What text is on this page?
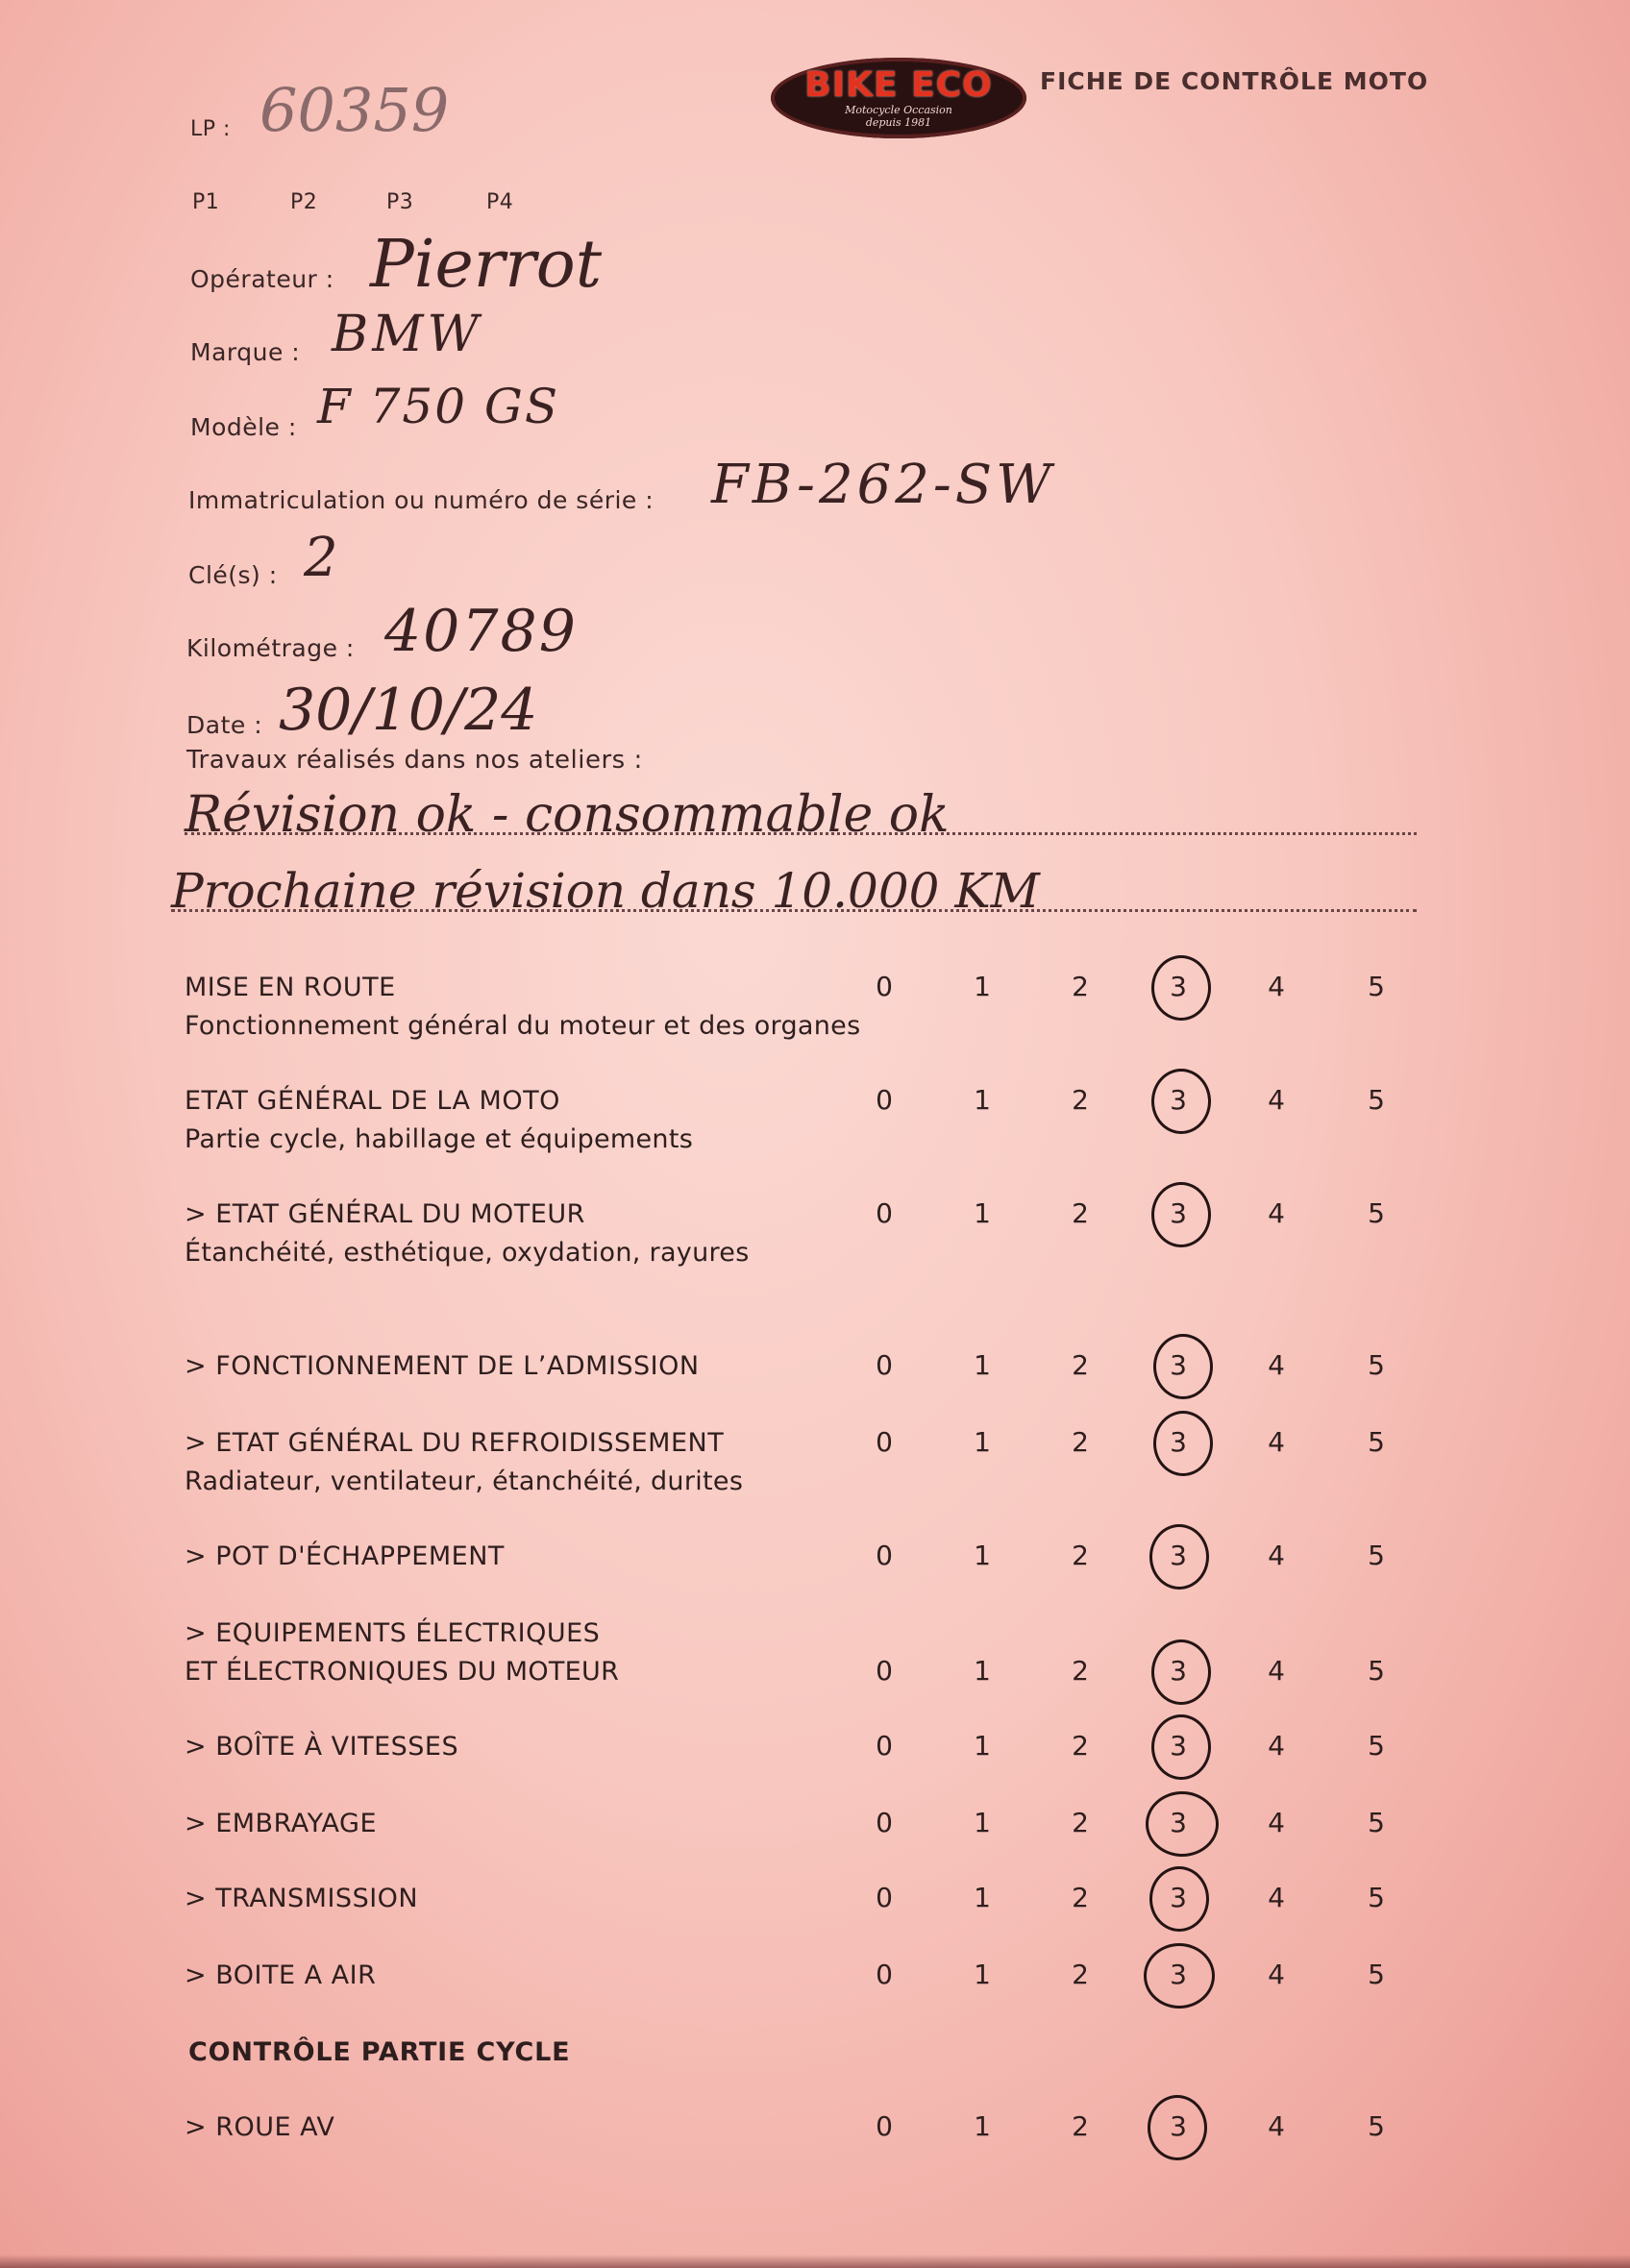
BIKE ECO
Motocycle Occasion
depuis 1981
FICHE DE CONTRÔLE MOTO
LP : 60359
P1	P2	P3	P4
Opérateur : Pierrot
Marque : BMW
Modèle : F 750 GS
Immatriculation ou numéro de série : FB-262-SW
Clé(s) : 2
Kilométrage : 40789
Date : 30/10/24
Travaux réalisés dans nos ateliers :
Révision ok - consommable ok
Prochaine révision dans 10.000 KM
MISE EN ROUTE
Fonctionnement général du moteur et des organes
0	1	2	3	4	5
ETAT GÉNÉRAL DE LA MOTO
Partie cycle, habillage et équipements
0	1	2	3	4	5
> ETAT GÉNÉRAL DU MOTEUR
Étanchéité, esthétique, oxydation, rayures
0	1	2	3	4	5
> FONCTIONNEMENT DE L’ADMISSION	0	1	2	3	4	5
> ETAT GÉNÉRAL DU REFROIDISSEMENT
Radiateur, ventilateur, étanchéité, durites
0	1	2	3	4	5
> POT D'ÉCHAPPEMENT	0	1	2	3	4	5
> EQUIPEMENTS ÉLECTRIQUES
ET ÉLECTRONIQUES DU MOTEUR	0	1	2	3	4	5
> BOÎTE À VITESSES	0	1	2	3	4	5
> EMBRAYAGE	0	1	2	3	4	5
> TRANSMISSION	0	1	2	3	4	5
> BOITE A AIR	0	1	2	3	4	5
CONTRÔLE PARTIE CYCLE
> ROUE AV	0	1	2	3	4	5
